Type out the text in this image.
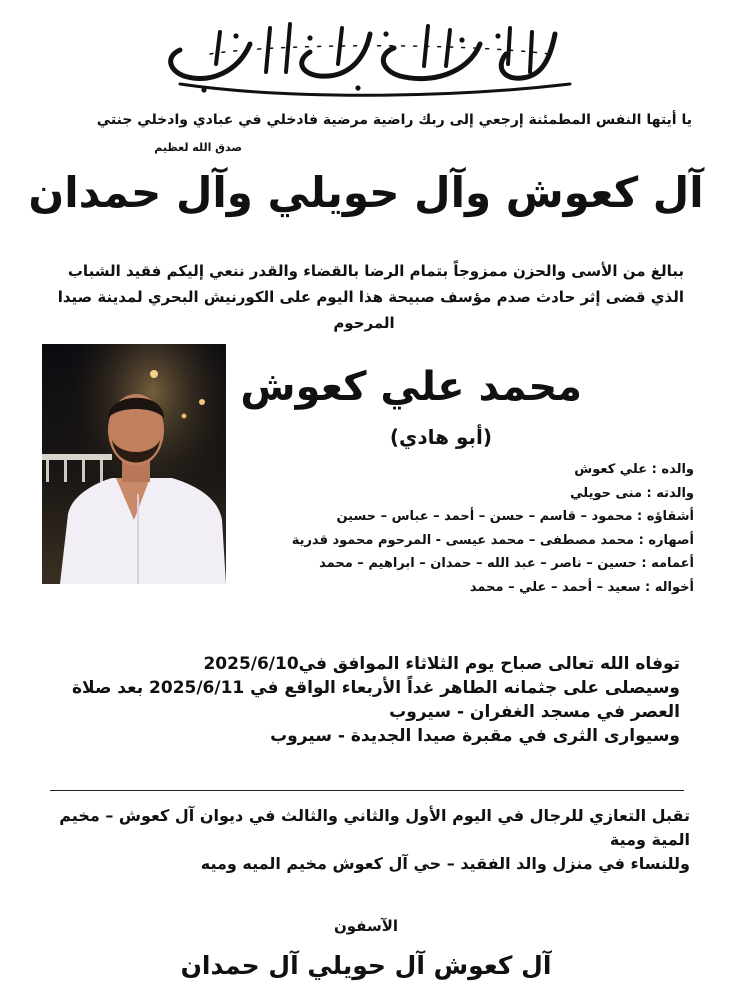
يا أيتها النفس المطمئنة إرجعي إلى ربك راضية مرضية فادخلي في عبادي وادخلي جنتي
صدق الله لعظيم
آل كعوش وآل حويلي وآل حمدان
ببالغ من الأسى والحزن ممزوجاً بتمام الرضا بالقضاء والقدر ننعي إليكم فقيد الشباب
الذي قضى إثر حادث صدم مؤسف صبيحة هذا اليوم على الكورنيش البحري لمدينة صيدا
المرحوم
محمد علي كعوش
(أبو هادي)
والده : علي كعوش
والدته : منى حويلي
أشقاؤه : محمود – قاسم – حسن – أحمد – عباس – حسين
أصهاره : محمد مصطفى – محمد عيسى - المرحوم محمود قدرية
أعمامه : حسين – ناصر – عبد الله – حمدان – ابراهيم – محمد
أخواله : سعيد – أحمد – علي – محمد

توفاه الله تعالى صباح يوم الثلاثاء الموافق في2025/6/10

وسيصلى على جثمانه الطاهر غداً الأربعاء الواقع في 2025/6/11 بعد صلاة

العصر في مسجد الغفران - سيروب

وسيوارى الثرى في مقبرة صيدا الجديدة - سيروب

تقبل التعازي للرجال في اليوم الأول والثاني والثالث في ديوان آل كعوش – مخيم المية ومية

وللنساء في منزل والد الفقيد – حي آل كعوش مخيم الميه وميه

الآسفون
آل كعوش آل حويلي آل حمدان
